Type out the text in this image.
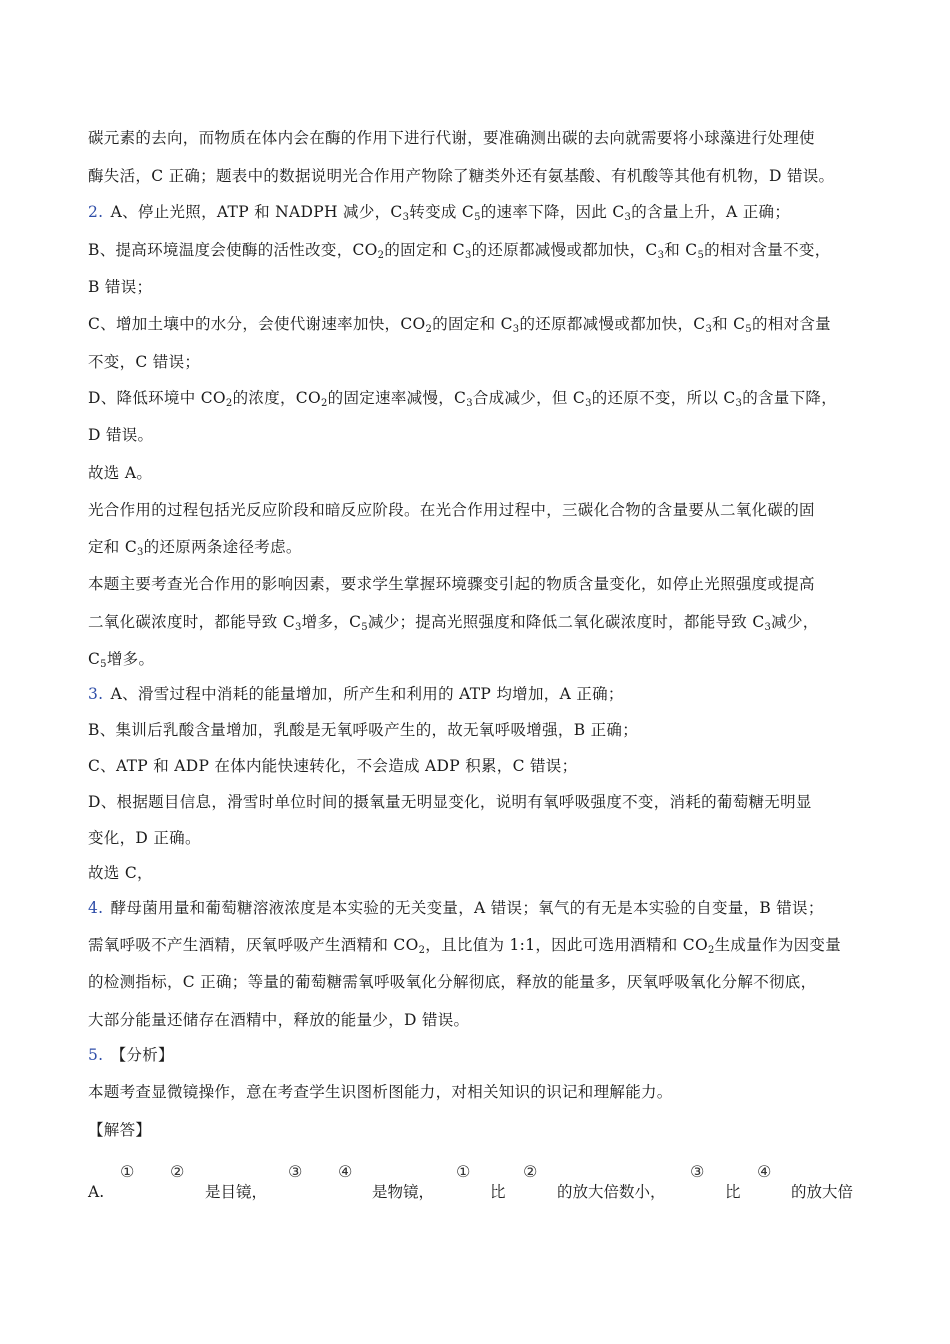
碳元素的去向，而物质在体内会在酶的作用下进行代谢，要准确测出碳的去向就需要将小球藻进行处理使
酶失活，C 正确；题表中的数据说明光合作用产物除了糖类外还有氨基酸、有机酸等其他有机物，D 错误。
2. A、停止光照，ATP 和 NADPH 减少，$C_3$转变成 $C_5$的速率下降，因此 $C_3$的含量上升，A 正确；
B、提高环境温度会使酶的活性改变，$CO_2$的固定和 $C_3$的还原都减慢或都加快，$C_3$和 $C_5$的相对含量不变，
B 错误；
C、增加土壤中的水分，会使代谢速率加快，$CO_2$的固定和 $C_3$的还原都减慢或都加快，$C_3$和 $C_5$的相对含量
不变，C 错误；
D、降低环境中 $CO_2$的浓度，$CO_2$的固定速率减慢，$C_3$合成减少，但 $C_3$的还原不变，所以 $C_3$的含量下降，
D 错误。
故选 A。
光合作用的过程包括光反应阶段和暗反应阶段。在光合作用过程中，三碳化合物的含量要从二氧化碳的固
定和 $C_3$的还原两条途径考虑。
本题主要考查光合作用的影响因素，要求学生掌握环境骤变引起的物质含量变化，如停止光照强度或提高
二氧化碳浓度时，都能导致 $C_3$增多，$C_5$减少；提高光照强度和降低二氧化碳浓度时，都能导致 $C_3$减少，
$C_5$增多。
3. A、滑雪过程中消耗的能量增加，所产生和利用的 ATP 均增加，A 正确；
B、集训后乳酸含量增加，乳酸是无氧呼吸产生的，故无氧呼吸增强，B 正确；
C、ATP 和 ADP 在体内能快速转化，不会造成 ADP 积累，C 错误；
D、根据题目信息，滑雪时单位时间的摄氧量无明显变化，说明有氧呼吸强度不变，消耗的葡萄糖无明显
变化，D 正确。
故选 C，
4. 酵母菌用量和葡萄糖溶液浓度是本实验的无关变量，A 错误；氧气的有无是本实验的自变量，B 错误；
需氧呼吸不产生酒精，厌氧呼吸产生酒精和 $CO_2$，且比值为 1:1，因此可选用酒精和 $CO_2$生成量作为因变量
的检测指标，C 正确；等量的葡萄糖需氧呼吸氧化分解彻底，释放的能量多，厌氧呼吸氧化分解不彻底，
大部分能量还储存在酒精中，释放的能量少，D 错误。
5. 【分析】
本题考查显微镜操作，意在考查学生识图析图能力，对相关知识的识记和理解能力。
【解答】
A.
① ②	③ ④	①	②	③	④
是目镜，	是物镜，	比	的放大倍数小，	比	的放大倍
